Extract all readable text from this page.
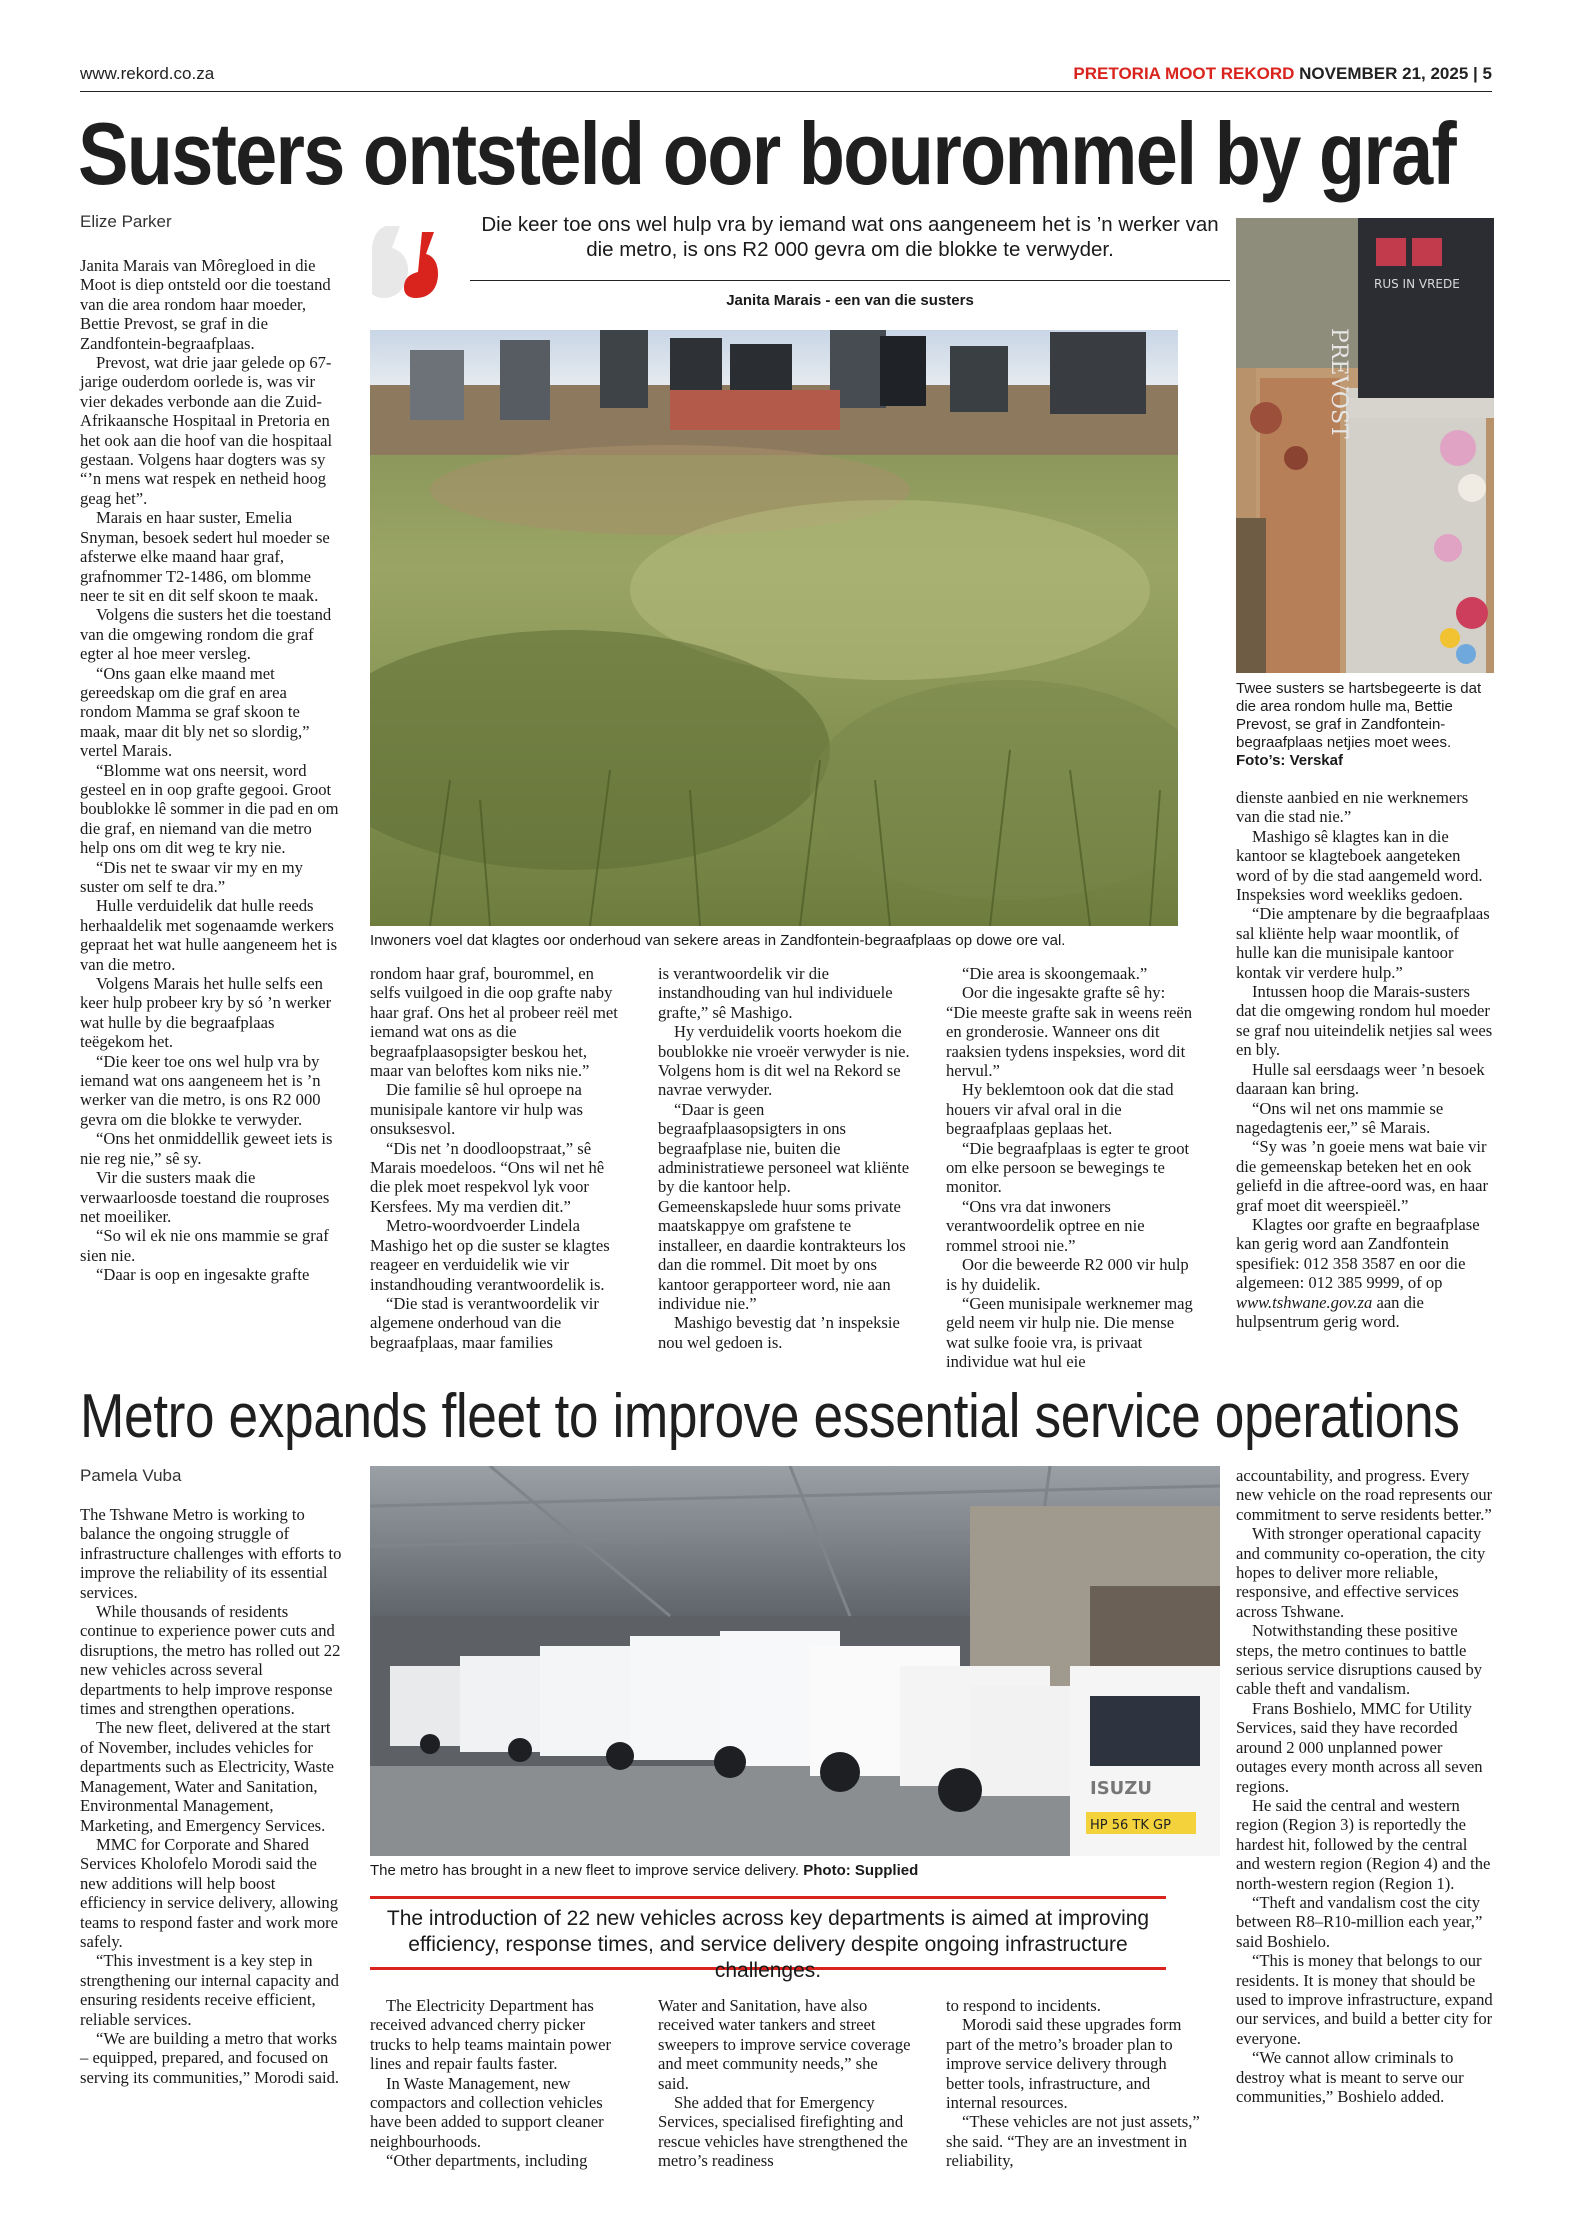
www.rekord.co.za	PRETORIA MOOT REKORD NOVEMBER 21, 2025 | 5
Susters ontsteld oor bourommel by graf
Elize Parker	Die keer toe ons wel hulp vra by iemand wat ons aangeneem het is ’n werker van die metro, is ons R2 000 gevra om die blokke te verwyder.
Janita Marais - een van die susters
Inwoners voel dat klagtes oor onderhoud van sekere areas in Zandfontein-begraafplaas op dowe ore val.
RUS IN VREDE
PREVOST
Twee susters se hartsbegeerte is dat die area rondom hulle ma, Bettie Prevost, se graf in Zandfontein-begraafplaas netjies moet wees. Foto’s: Verskaf

Janita Marais van Môregloed in die Moot is diep ontsteld oor die toestand van die area rondom haar moeder, Bettie Prevost, se graf in die Zandfontein-begraafplaas.

Prevost, wat drie jaar gelede op 67-jarige ouderdom oorlede is, was vir vier dekades verbonde aan die Zuid-Afrikaansche Hospitaal in Pretoria en het ook aan die hoof van die hospitaal gestaan. Volgens haar dogters was sy “’n mens wat respek en netheid hoog geag het”.

Marais en haar suster, Emelia Snyman, besoek sedert hul moeder se afsterwe elke maand haar graf, grafnommer T2-1486, om blomme neer te sit en dit self skoon te maak.

Volgens die susters het die toestand van die omgewing rondom die graf egter al hoe meer versleg.

“Ons gaan elke maand met gereedskap om die graf en area rondom Mamma se graf skoon te maak, maar dit bly net so slordig,” vertel Marais.

“Blomme wat ons neersit, word gesteel en in oop grafte gegooi. Groot boublokke lê sommer in die pad en om die graf, en niemand van die metro help ons om dit weg te kry nie.

“Dis net te swaar vir my en my suster om self te dra.”

Hulle verduidelik dat hulle reeds herhaaldelik met sogenaamde werkers gepraat het wat hulle aangeneem het is van die metro.

Volgens Marais het hulle selfs een keer hulp probeer kry by só ’n werker wat hulle by die begraafplaas teëgekom het.

“Die keer toe ons wel hulp vra by iemand wat ons aangeneem het is ’n werker van die metro, is ons R2 000 gevra om die blokke te verwyder.

“Ons het onmiddellik geweet iets is nie reg nie,” sê sy.

Vir die susters maak die verwaarloosde toestand die rouproses net moeiliker.

“So wil ek nie ons mammie se graf sien nie.

“Daar is oop en ingesakte grafte

rondom haar graf, bourommel, en selfs vuilgoed in die oop grafte naby haar graf. Ons het al probeer reël met iemand wat ons as die begraafplaasopsigter beskou het, maar van beloftes kom niks nie.”

Die familie sê hul oproepe na munisipale kantore vir hulp was onsuksesvol.

“Dis net ’n doodloopstraat,” sê Marais moedeloos. “Ons wil net hê die plek moet respekvol lyk voor Kersfees. My ma verdien dit.”

Metro-woordvoerder Lindela Mashigo het op die suster se klagtes reageer en verduidelik wie vir instandhouding verantwoordelik is.

“Die stad is verantwoordelik vir algemene onderhoud van die begraafplaas, maar families

is verantwoordelik vir die instandhouding van hul individuele grafte,” sê Mashigo.

Hy verduidelik voorts hoekom die boublokke nie vroeër verwyder is nie. Volgens hom is dit wel na Rekord se navrae verwyder.

“Daar is geen begraafplaasopsigters in ons begraafplase nie, buiten die administratiewe personeel wat kliënte by die kantoor help. Gemeenskapslede huur soms private maatskappye om grafstene te installeer, en daardie kontrakteurs los dan die rommel. Dit moet by ons kantoor gerapporteer word, nie aan individue nie.”

Mashigo bevestig dat ’n inspeksie nou wel gedoen is.

“Die area is skoongemaak.”

Oor die ingesakte grafte sê hy: “Die meeste grafte sak in weens reën en gronderosie. Wanneer ons dit raaksien tydens inspeksies, word dit hervul.”

Hy beklemtoon ook dat die stad houers vir afval oral in die begraafplaas geplaas het.

“Die begraafplaas is egter te groot om elke persoon se bewegings te monitor.

“Ons vra dat inwoners verantwoordelik optree en nie rommel strooi nie.”

Oor die beweerde R2 000 vir hulp is hy duidelik.

“Geen munisipale werknemer mag geld neem vir hulp nie. Die mense wat sulke fooie vra, is privaat individue wat hul eie

dienste aanbied en nie werknemers van die stad nie.”

Mashigo sê klagtes kan in die kantoor se klagteboek aangeteken word of by die stad aangemeld word. Inspeksies word weekliks gedoen.

“Die amptenare by die begraafplaas sal kliënte help waar moontlik, of hulle kan die munisipale kantoor kontak vir verdere hulp.”

Intussen hoop die Marais-susters dat die omgewing rondom hul moeder se graf nou uiteindelik netjies sal wees en bly.

Hulle sal eersdaags weer ’n besoek daaraan kan bring.

“Ons wil net ons mammie se nagedagtenis eer,” sê Marais.

“Sy was ’n goeie mens wat baie vir die gemeenskap beteken het en ook geliefd in die aftree-oord was, en haar graf moet dit weerspieël.”

Klagtes oor grafte en begraafplase kan gerig word aan Zandfontein spesifiek: 012 358 3587 en oor die algemeen: 012 385 9999, of op www.tshwane.gov.za aan die hulpsentrum gerig word.

Metro expands fleet to improve essential service operations
Pamela Vuba
ISUZU
HP 56 TK GP
The metro has brought in a new fleet to improve service delivery. Photo: Supplied
The introduction of 22 new vehicles across key departments is aimed at improving efficiency, response times, and service delivery despite ongoing infrastructure challenges.

The Tshwane Metro is working to balance the ongoing struggle of infrastructure challenges with efforts to improve the reliability of its essential services.

While thousands of residents continue to experience power cuts and disruptions, the metro has rolled out 22 new vehicles across several departments to help improve response times and strengthen operations.

The new fleet, delivered at the start of November, includes vehicles for departments such as Electricity, Waste Management, Water and Sanitation, Environmental Management, Marketing, and Emergency Services.

MMC for Corporate and Shared Services Kholofelo Morodi said the new additions will help boost efficiency in service delivery, allowing teams to respond faster and work more safely.

“This investment is a key step in strengthening our internal capacity and ensuring residents receive efficient, reliable services.

“We are building a metro that works – equipped, prepared, and focused on serving its communities,” Morodi said.

The Electricity Department has received advanced cherry picker trucks to help teams maintain power lines and repair faults faster.

In Waste Management, new compactors and collection vehicles have been added to support cleaner neighbourhoods.

“Other departments, including

Water and Sanitation, have also received water tankers and street sweepers to improve service coverage and meet community needs,” she said.

She added that for Emergency Services, specialised firefighting and rescue vehicles have strengthened the metro’s readiness

to respond to incidents.

Morodi said these upgrades form part of the metro’s broader plan to improve service delivery through better tools, infrastructure, and internal resources.

“These vehicles are not just assets,” she said. “They are an investment in reliability,

accountability, and progress. Every new vehicle on the road represents our commitment to serve residents better.”

With stronger operational capacity and community co-operation, the city hopes to deliver more reliable, responsive, and effective services across Tshwane.

Notwithstanding these positive steps, the metro continues to battle serious service disruptions caused by cable theft and vandalism.

Frans Boshielo, MMC for Utility Services, said they have recorded around 2 000 unplanned power outages every month across all seven regions.

He said the central and western region (Region 3) is reportedly the hardest hit, followed by the central and western region (Region 4) and the north-western region (Region 1).

“Theft and vandalism cost the city between R8–R10-million each year,” said Boshielo.

“This is money that belongs to our residents. It is money that should be used to improve infrastructure, expand our services, and build a better city for everyone.

“We cannot allow criminals to destroy what is meant to serve our communities,” Boshielo added.
